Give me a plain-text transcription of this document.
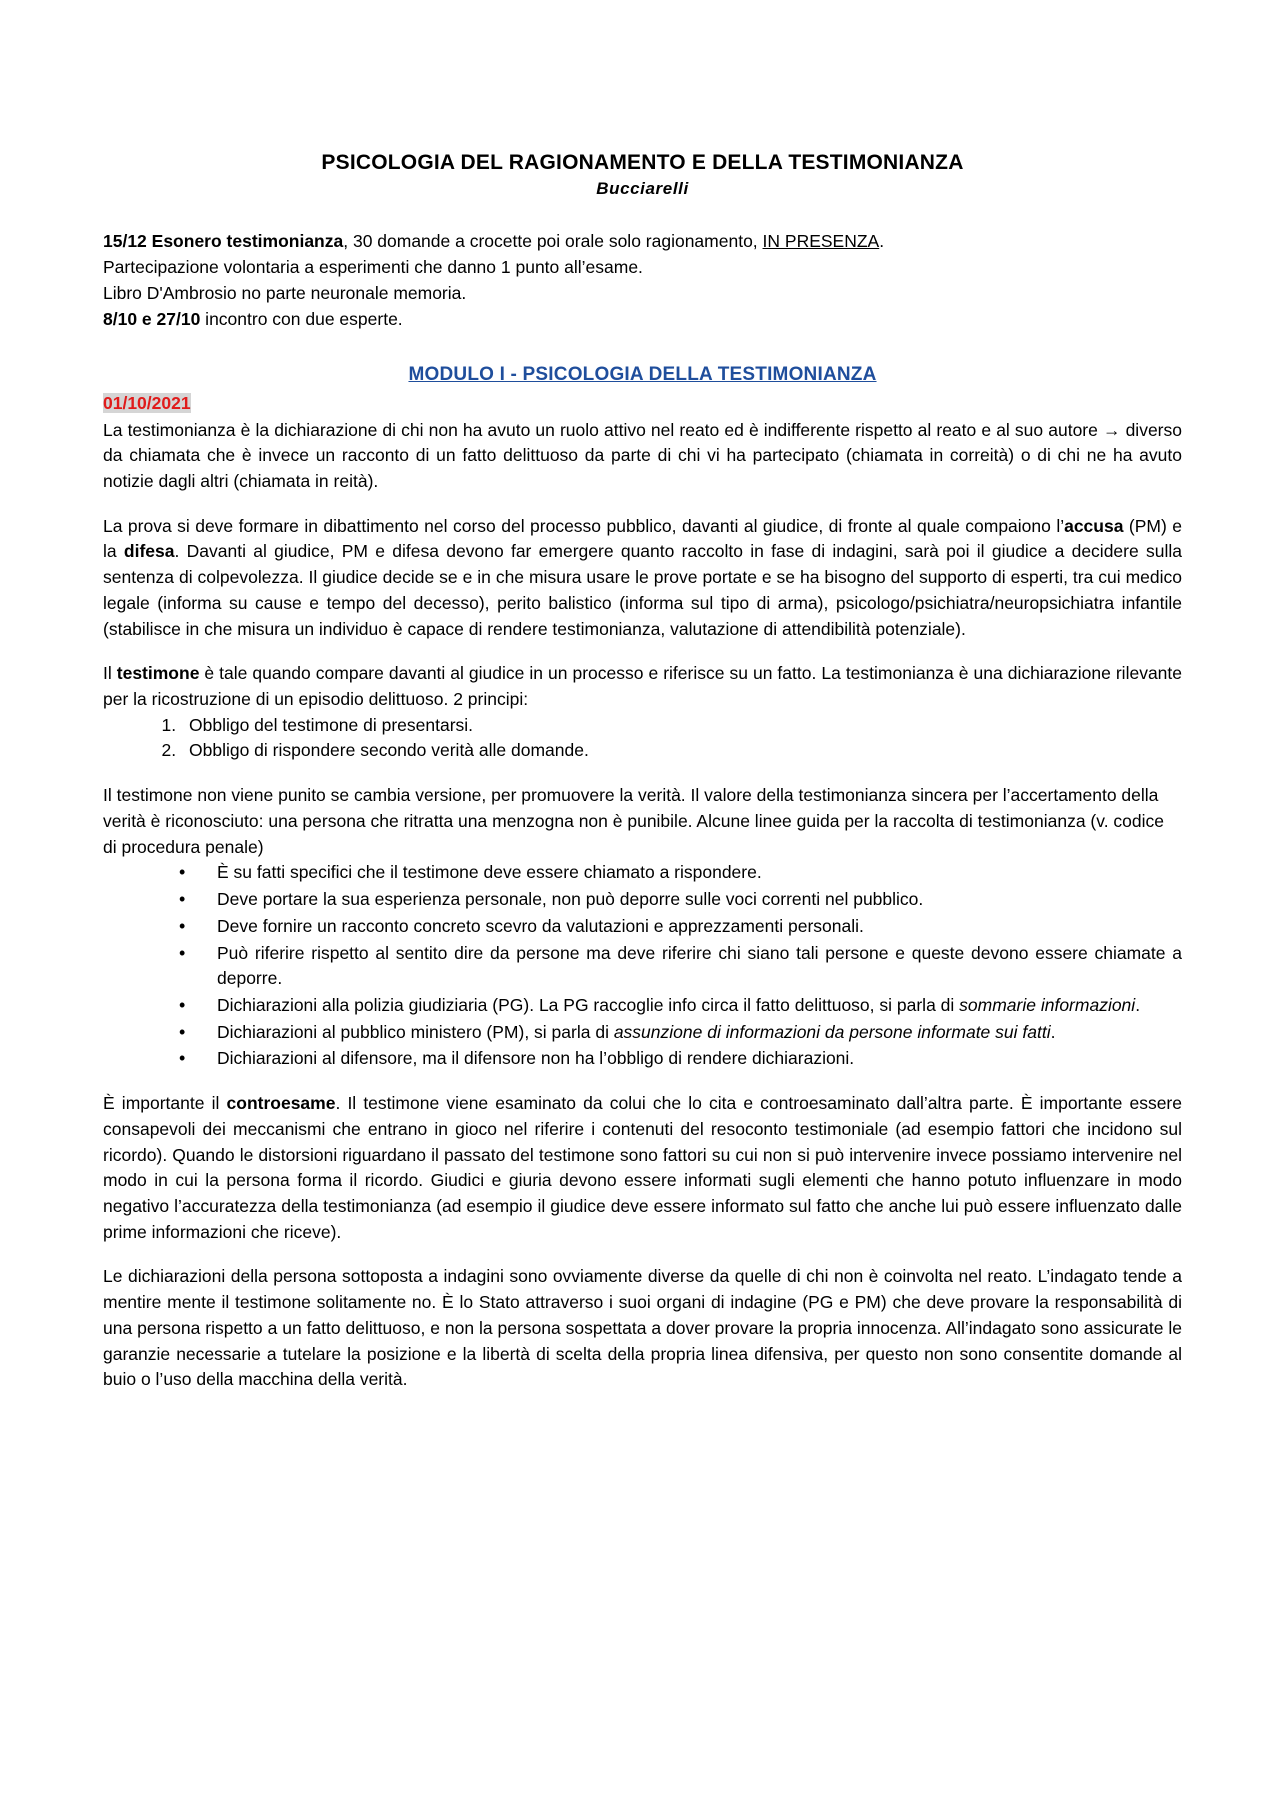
PSICOLOGIA DEL RAGIONAMENTO E DELLA TESTIMONIANZA
Bucciarelli
15/12 Esonero testimonianza, 30 domande a crocette poi orale solo ragionamento, IN PRESENZA.
Partecipazione volontaria a esperimenti che danno 1 punto all’esame.
Libro D'Ambrosio no parte neuronale memoria.
8/10 e 27/10 incontro con due esperte.
MODULO I - PSICOLOGIA DELLA TESTIMONIANZA
01/10/2021

La testimonianza è la dichiarazione di chi non ha avuto un ruolo attivo nel reato ed è indifferente rispetto al reato e al suo autore → diverso da chiamata che è invece un racconto di un fatto delittuoso da parte di chi vi ha partecipato (chiamata in correità) o di chi ne ha avuto notizie dagli altri (chiamata in reità).

La prova si deve formare in dibattimento nel corso del processo pubblico, davanti al giudice, di fronte al quale compaiono l’accusa (PM) e la difesa. Davanti al giudice, PM e difesa devono far emergere quanto raccolto in fase di indagini, sarà poi il giudice a decidere sulla sentenza di colpevolezza. Il giudice decide se e in che misura usare le prove portate e se ha bisogno del supporto di esperti, tra cui medico legale (informa su cause e tempo del decesso), perito balistico (informa sul tipo di arma), psicologo/psichiatra/neuropsichiatra infantile (stabilisce in che misura un individuo è capace di rendere testimonianza, valutazione di attendibilità potenziale).

Il testimone è tale quando compare davanti al giudice in un processo e riferisce su un fatto. La testimonianza è una dichiarazione rilevante per la ricostruzione di un episodio delittuoso. 2 principi:

1. Obbligo del testimone di presentarsi.
2. Obbligo di rispondere secondo verità alle domande.

Il testimone non viene punito se cambia versione, per promuovere la verità. Il valore della testimonianza sincera per l’accertamento della verità è riconosciuto: una persona che ritratta una menzogna non è punibile. Alcune linee guida per la raccolta di testimonianza (v. codice di procedura penale)

• È su fatti specifici che il testimone deve essere chiamato a rispondere.
• Deve portare la sua esperienza personale, non può deporre sulle voci correnti nel pubblico.
• Deve fornire un racconto concreto scevro da valutazioni e apprezzamenti personali.
• Può riferire rispetto al sentito dire da persone ma deve riferire chi siano tali persone e queste devono essere chiamate a deporre.
• Dichiarazioni alla polizia giudiziaria (PG). La PG raccoglie info circa il fatto delittuoso, si parla di sommarie informazioni.
• Dichiarazioni al pubblico ministero (PM), si parla di assunzione di informazioni da persone informate sui fatti.
• Dichiarazioni al difensore, ma il difensore non ha l’obbligo di rendere dichiarazioni.

È importante il controesame. Il testimone viene esaminato da colui che lo cita e controesaminato dall’altra parte. È importante essere consapevoli dei meccanismi che entrano in gioco nel riferire i contenuti del resoconto testimoniale (ad esempio fattori che incidono sul ricordo). Quando le distorsioni riguardano il passato del testimone sono fattori su cui non si può intervenire invece possiamo intervenire nel modo in cui la persona forma il ricordo. Giudici e giuria devono essere informati sugli elementi che hanno potuto influenzare in modo negativo l’accuratezza della testimonianza (ad esempio il giudice deve essere informato sul fatto che anche lui può essere influenzato dalle prime informazioni che riceve).

Le dichiarazioni della persona sottoposta a indagini sono ovviamente diverse da quelle di chi non è coinvolta nel reato. L’indagato tende a mentire mente il testimone solitamente no. È lo Stato attraverso i suoi organi di indagine (PG e PM) che deve provare la responsabilità di una persona rispetto a un fatto delittuoso, e non la persona sospettata a dover provare la propria innocenza. All’indagato sono assicurate le garanzie necessarie a tutelare la posizione e la libertà di scelta della propria linea difensiva, per questo non sono consentite domande al buio o l’uso della macchina della verità.
